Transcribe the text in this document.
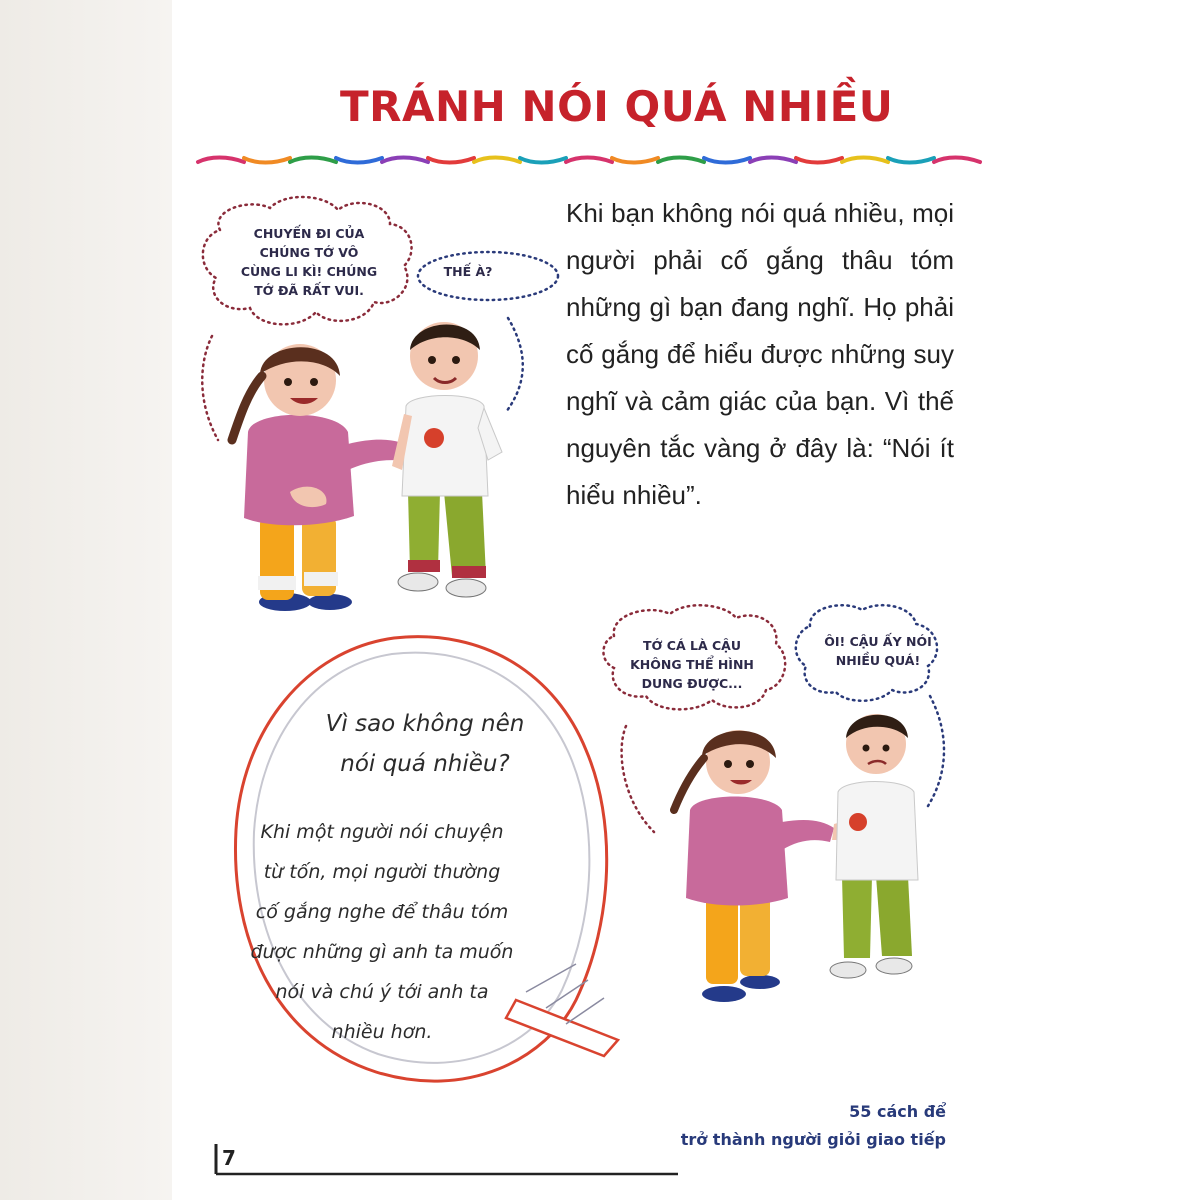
TRÁNH NÓI QUÁ NHIỀU

Khi bạn không nói quá nhiều, mọi người phải cố gắng thâu tóm những gì bạn đang nghĩ. Họ phải cố gắng để hiểu được những suy nghĩ và cảm giác của bạn. Vì thế nguyên tắc vàng ở đây là: “Nói ít hiểu nhiều”.

CHUYẾN ĐI CỦA
CHÚNG TỚ VÔ
CÙNG LI KÌ! CHÚNG
TỚ ĐÃ RẤT VUI.
THẾ À?
Vì sao không nên
nói quá nhiều?
Khi một người nói chuyện
từ tốn, mọi người thường
cố gắng nghe để thâu tóm
được những gì anh ta muốn
nói và chú ý tới anh ta
nhiều hơn.
TỚ CÁ LÀ CẬU
KHÔNG THỂ HÌNH
DUNG ĐƯỢC...
ÔI! CẬU ẤY NÓI
NHIỀU QUÁ!
7
55 cách để
trở thành người giỏi giao tiếp
